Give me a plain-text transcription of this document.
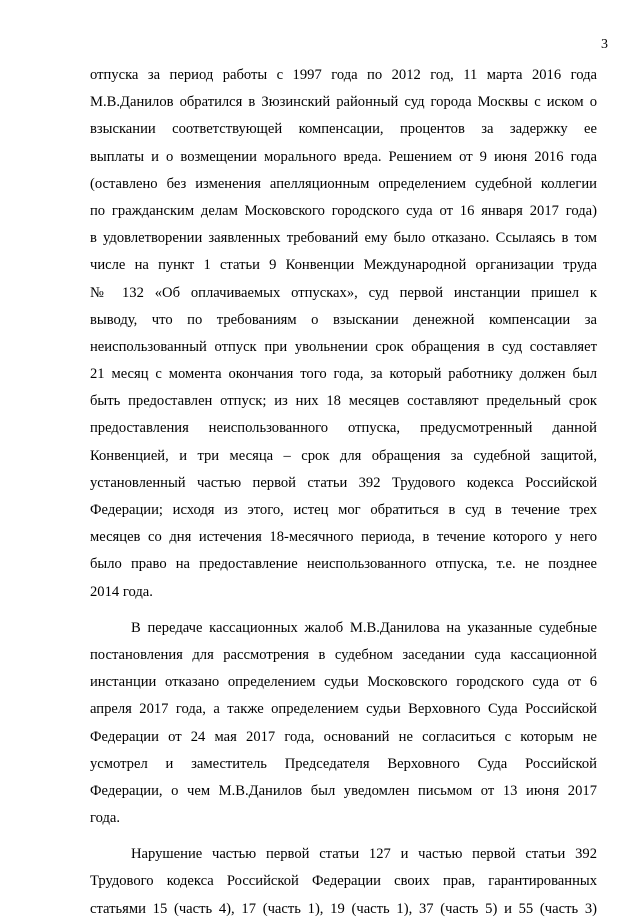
3
отпуска за период работы с 1997 года по 2012 год, 11 марта 2016 года
М.В.Данилов обратился в Зюзинский районный суд города Москвы с иском о
взыскании соответствующей компенсации, процентов за задержку ее
выплаты и о возмещении морального вреда. Решением от 9 июня 2016 года
(оставлено без изменения апелляционным определением судебной коллегии
по гражданским делам Московского городского суда от 16 января 2017 года)
в удовлетворении заявленных требований ему было отказано. Ссылаясь в том
числе на пункт 1 статьи 9 Конвенции Международной организации труда
№ 132 «Об оплачиваемых отпусках», суд первой инстанции пришел к
выводу, что по требованиям о взыскании денежной компенсации за
неиспользованный отпуск при увольнении срок обращения в суд составляет
21 месяц с момента окончания того года, за который работнику должен был
быть предоставлен отпуск; из них 18 месяцев составляют предельный срок
предоставления неиспользованного отпуска, предусмотренный данной
Конвенцией, и три месяца – срок для обращения за судебной защитой,
установленный частью первой статьи 392 Трудового кодекса Российской
Федерации; исходя из этого, истец мог обратиться в суд в течение трех
месяцев со дня истечения 18-месячного периода, в течение которого у него
было право на предоставление неиспользованного отпуска, т.е. не позднее
2014 года.
В передаче кассационных жалоб М.В.Данилова на указанные судебные
постановления для рассмотрения в судебном заседании суда кассационной
инстанции отказано определением судьи Московского городского суда от 6
апреля 2017 года, а также определением судьи Верховного Суда Российской
Федерации от 24 мая 2017 года, оснований не согласиться с которым не
усмотрел и заместитель Председателя Верховного Суда Российской
Федерации, о чем М.В.Данилов был уведомлен письмом от 13 июня 2017
года.
Нарушение частью первой статьи 127 и частью первой статьи 392
Трудового кодекса Российской Федерации своих прав, гарантированных
статьями 15 (часть 4), 17 (часть 1), 19 (часть 1), 37 (часть 5) и 55 (часть 3)
